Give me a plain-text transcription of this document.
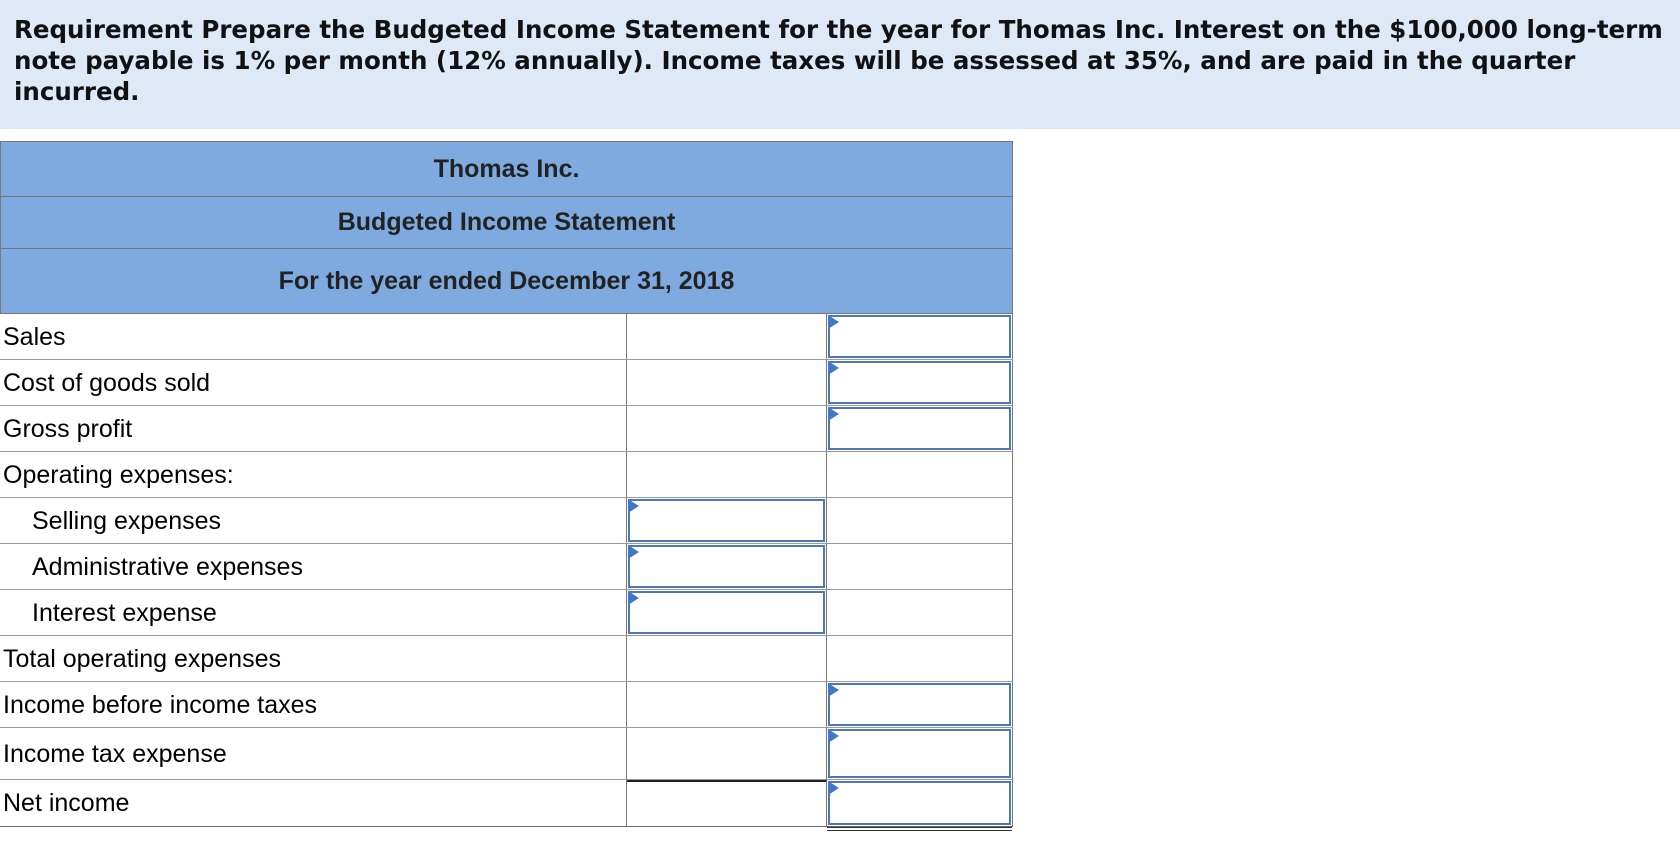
Requirement Prepare the Budgeted Income Statement for the year for Thomas Inc. Interest on the $100,000 long-term note payable is 1% per month (12% annually). Income taxes will be assessed at 35%, and are paid in the quarter incurred.
Thomas Inc.
Budgeted Income Statement
For the year ended December 31, 2018
Sales
Cost of goods sold
Gross profit
Operating expenses:
Selling expenses
Administrative expenses
Interest expense
Total operating expenses
Income before income taxes
Income tax expense
Net income
